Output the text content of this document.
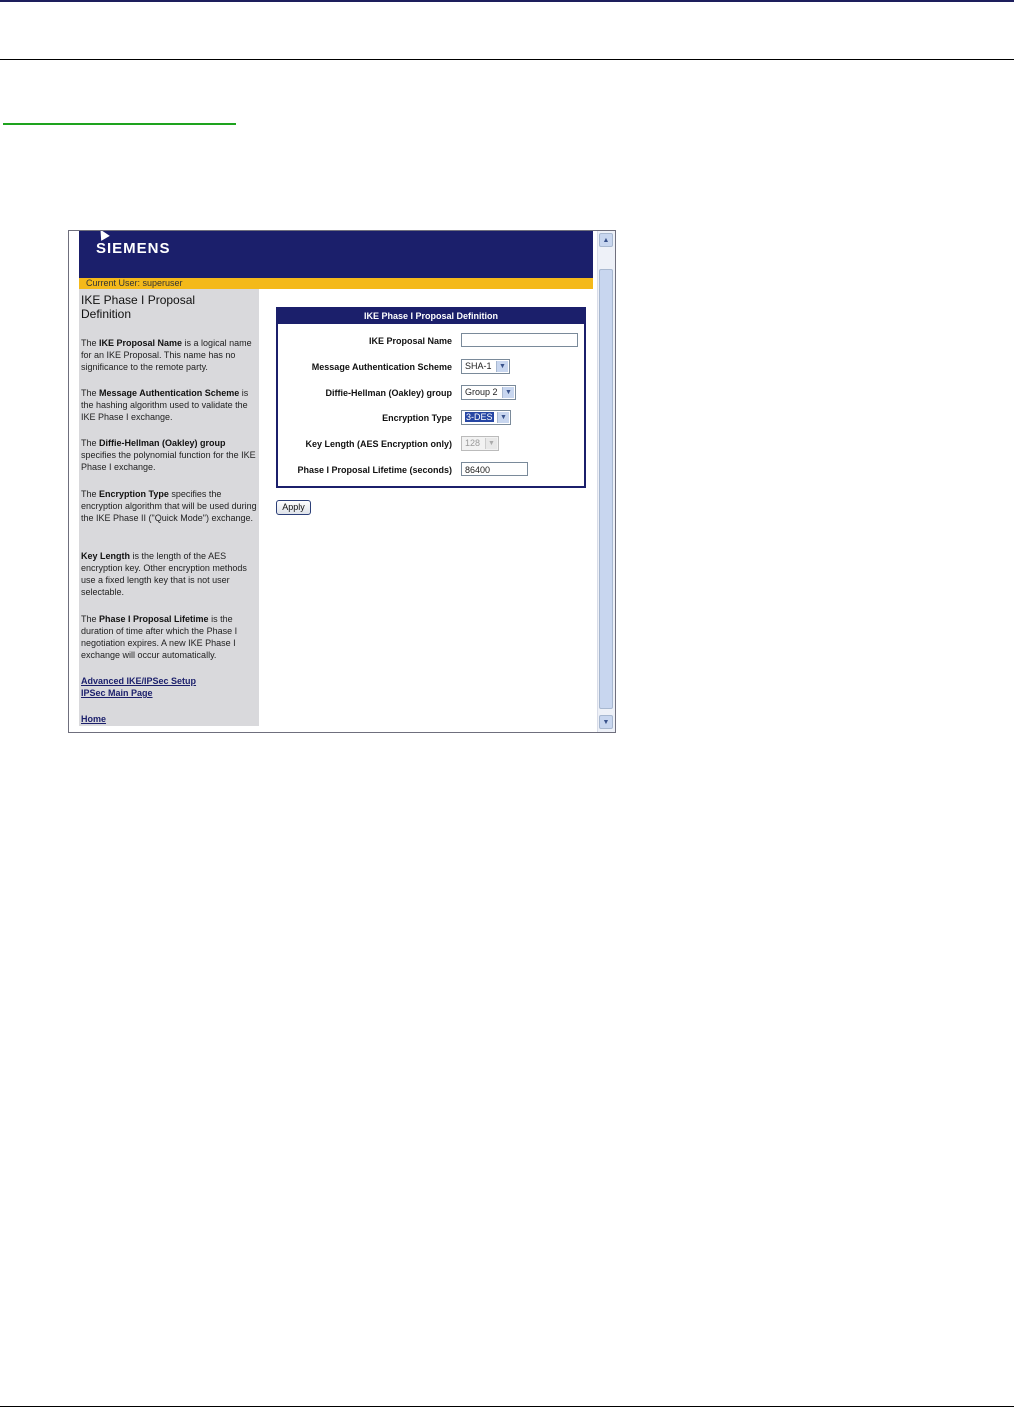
SIEMENS
Current User: superuser
IKE Phase I Proposal Definition
The IKE Proposal Name is a logical name for an IKE Proposal. This name has no significance to the remote party.
The Message Authentication Scheme is the hashing algorithm used to validate the IKE Phase I exchange.
The Diffie-Hellman (Oakley) group specifies the polynomial function for the IKE Phase I exchange.
The Encryption Type specifies the encryption algorithm that will be used during the IKE Phase II ("Quick Mode") exchange.
Key Length is the length of the AES encryption key. Other encryption methods use a fixed length key that is not user selectable.
The Phase I Proposal Lifetime is the duration of time after which the Phase I negotiation expires. A new IKE Phase I exchange will occur automatically.
Advanced IKE/IPSec Setup
IPSec Main Page
Home
IKE Phase I Proposal Definition
IKE Proposal Name
Message Authentication Scheme	SHA-1	▼
Diffie-Hellman (Oakley) group	Group 2	▼
Encryption Type	3-DES	▼
Key Length (AES Encryption only)	128	▼
Phase I Proposal Lifetime (seconds)	86400
Apply
▲
▼
